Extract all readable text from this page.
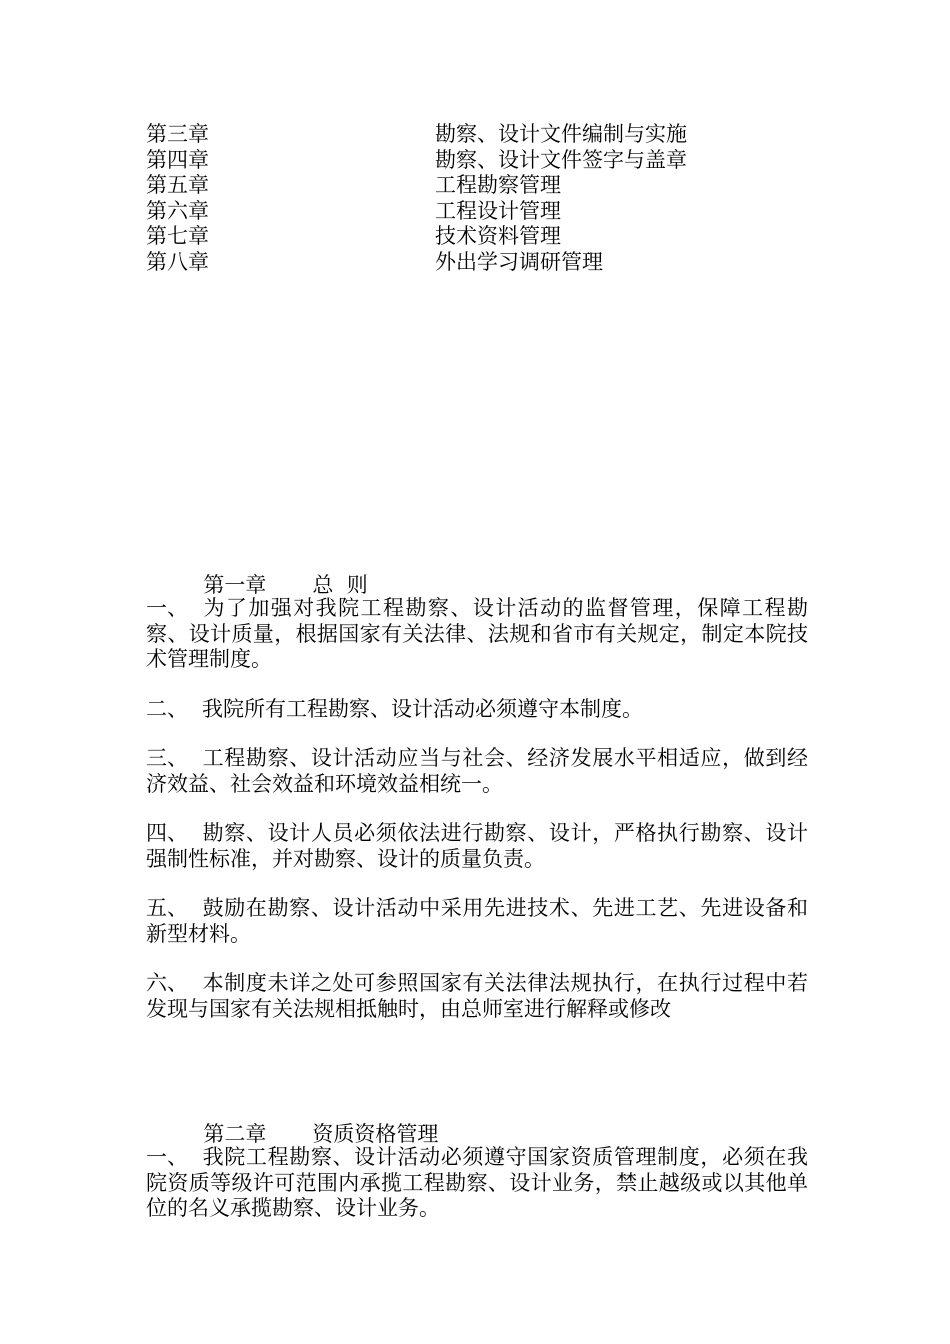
第三章	勘察、设计文件编制与实施
第四章	勘察、设计文件签字与盖章
第五章	工程勘察管理
第六章	工程设计管理
第七章	技术资料管理
第八章	外出学习调研管理

第一章 总  则

一、 为了加强对我院工程勘察、设计活动的监督管理，保障工程勘察、设计质量，根据国家有关法律、法规和省市有关规定，制定本院技术管理制度。
二、 我院所有工程勘察、设计活动必须遵守本制度。
三、 工程勘察、设计活动应当与社会、经济发展水平相适应，做到经济效益、社会效益和环境效益相统一。
四、 勘察、设计人员必须依法进行勘察、设计，严格执行勘察、设计强制性标准，并对勘察、设计的质量负责。
五、 鼓励在勘察、设计活动中采用先进技术、先进工艺、先进设备和新型材料。
六、 本制度未详之处可参照国家有关法律法规执行，在执行过程中若发现与国家有关法规相抵触时，由总师室进行解释或修改

第二章 资质资格管理

一、 我院工程勘察、设计活动必须遵守国家资质管理制度，必须在我院资质等级许可范围内承揽工程勘察、设计业务，禁止越级或以其他单位的名义承揽勘察、设计业务。
